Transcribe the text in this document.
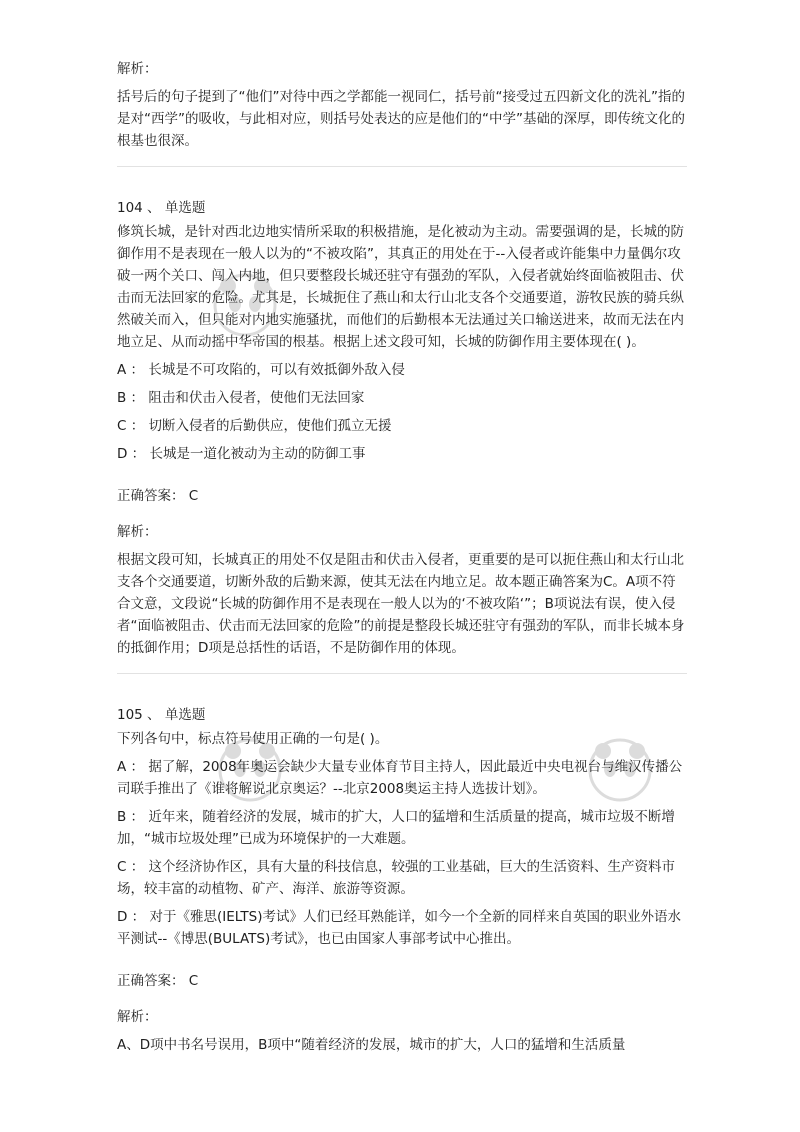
解析：

括号后的句子提到了“他们”对待中西之学都能一视同仁，括号前“接受过五四新文化的洗礼”指的是对“西学”的吸收，与此相对应，则括号处表达的应是他们的“中学”基础的深厚，即传统文化的根基也很深。

104 、 单选题

修筑长城，是针对西北边地实情所采取的积极措施，是化被动为主动。需要强调的是，长城的防御作用不是表现在一般人以为的“不被攻陷”，其真正的用处在于--入侵者或许能集中力量偶尔攻破一两个关口、闯入内地，但只要整段长城还驻守有强劲的军队，入侵者就始终面临被阻击、伏击而无法回家的危险。尤其是，长城扼住了燕山和太行山北支各个交通要道，游牧民族的骑兵纵然破关而入，但只能对内地实施骚扰，而他们的后勤根本无法通过关口输送进来，故而无法在内地立足、从而动摇中华帝国的根基。根据上述文段可知，长城的防御作用主要体现在( )。

A ： 长城是不可攻陷的，可以有效抵御外敌入侵

B ： 阻击和伏击入侵者，使他们无法回家

C ： 切断入侵者的后勤供应，使他们孤立无援

D ： 长城是一道化被动为主动的防御工事

正确答案： C

解析：

根据文段可知，长城真正的用处不仅是阻击和伏击入侵者，更重要的是可以扼住燕山和太行山北支各个交通要道，切断外敌的后勤来源，使其无法在内地立足。故本题正确答案为C。A项不符合文意，文段说“长城的防御作用不是表现在一般人以为的‘不被攻陷‘”；B项说法有误，使入侵者“面临被阻击、伏击而无法回家的危险”的前提是整段长城还驻守有强劲的军队，而非长城本身的抵御作用；D项是总括性的话语，不是防御作用的体现。

105 、 单选题

下列各句中，标点符号使用正确的一句是( )。

A ： 据了解，2008年奥运会缺少大量专业体育节目主持人，因此最近中央电视台与维汉传播公司联手推出了《谁将解说北京奥运？--北京2008奥运主持人选拔计划》。

B ： 近年来，随着经济的发展，城市的扩大，人口的猛增和生活质量的提高，城市垃圾不断增加，“城市垃圾处理”已成为环境保护的一大难题。

C ： 这个经济协作区，具有大量的科技信息，较强的工业基础，巨大的生活资料、生产资料市场，较丰富的动植物、矿产、海洋、旅游等资源。

D ： 对于《雅思(IELTS)考试》人们已经耳熟能详，如今一个全新的同样来自英国的职业外语水平测试--《博思(BULATS)考试》，也已由国家人事部考试中心推出。

正确答案： C

解析：

A、D项中书名号误用，B项中“随着经济的发展，城市的扩大，人口的猛增和生活质量
